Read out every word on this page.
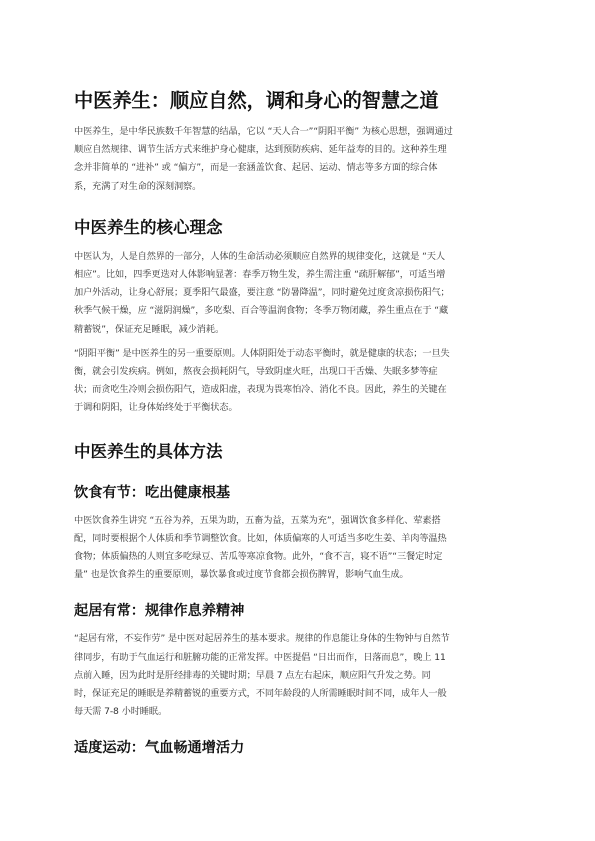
中医养生：顺应自然，调和身心的智慧之道

中医养生，是中华民族数千年智慧的结晶，它以 “天人合一”“阴阳平衡” 为核心思想，强调通过
顺应自然规律、调节生活方式来维护身心健康，达到预防疾病、延年益寿的目的。这种养生理
念并非简单的 “进补” 或 “偏方”，而是一套涵盖饮食、起居、运动、情志等多方面的综合体
系，充满了对生命的深刻洞察。

中医养生的核心理念

中医认为，人是自然界的一部分，人体的生命活动必须顺应自然界的规律变化，这就是 “天人
相应”。比如，四季更迭对人体影响显著：春季万物生发，养生需注重 “疏肝解郁”，可适当增
加户外活动，让身心舒展；夏季阳气最盛，要注意 “防暑降温”，同时避免过度贪凉损伤阳气；
秋季气候干燥，应 “滋阴润燥”，多吃梨、百合等温润食物；冬季万物闭藏，养生重点在于 “藏
精蓄锐”，保证充足睡眠，减少消耗。

“阴阳平衡” 是中医养生的另一重要原则。人体阴阳处于动态平衡时，就是健康的状态；一旦失
衡，就会引发疾病。例如，熬夜会损耗阴气，导致阴虚火旺，出现口干舌燥、失眠多梦等症
状；而贪吃生冷则会损伤阳气，造成阳虚，表现为畏寒怕冷、消化不良。因此，养生的关键在
于调和阴阳，让身体始终处于平衡状态。

中医养生的具体方法
饮食有节：吃出健康根基

中医饮食养生讲究 “五谷为养，五果为助，五畜为益，五菜为充”，强调饮食多样化、荤素搭
配，同时要根据个人体质和季节调整饮食。比如，体质偏寒的人可适当多吃生姜、羊肉等温热
食物；体质偏热的人则宜多吃绿豆、苦瓜等寒凉食物。此外，“食不言，寝不语”“三餐定时定
量” 也是饮食养生的重要原则，暴饮暴食或过度节食都会损伤脾胃，影响气血生成。

起居有常：规律作息养精神

“起居有常，不妄作劳” 是中医对起居养生的基本要求。规律的作息能让身体的生物钟与自然节
律同步，有助于气血运行和脏腑功能的正常发挥。中医提倡 “日出而作，日落而息”，晚上 11
点前入睡，因为此时是肝经排毒的关键时期；早晨 7 点左右起床，顺应阳气升发之势。同
时，保证充足的睡眠是养精蓄锐的重要方式，不同年龄段的人所需睡眠时间不同，成年人一般
每天需 7-8 小时睡眠。

适度运动：气血畅通增活力
